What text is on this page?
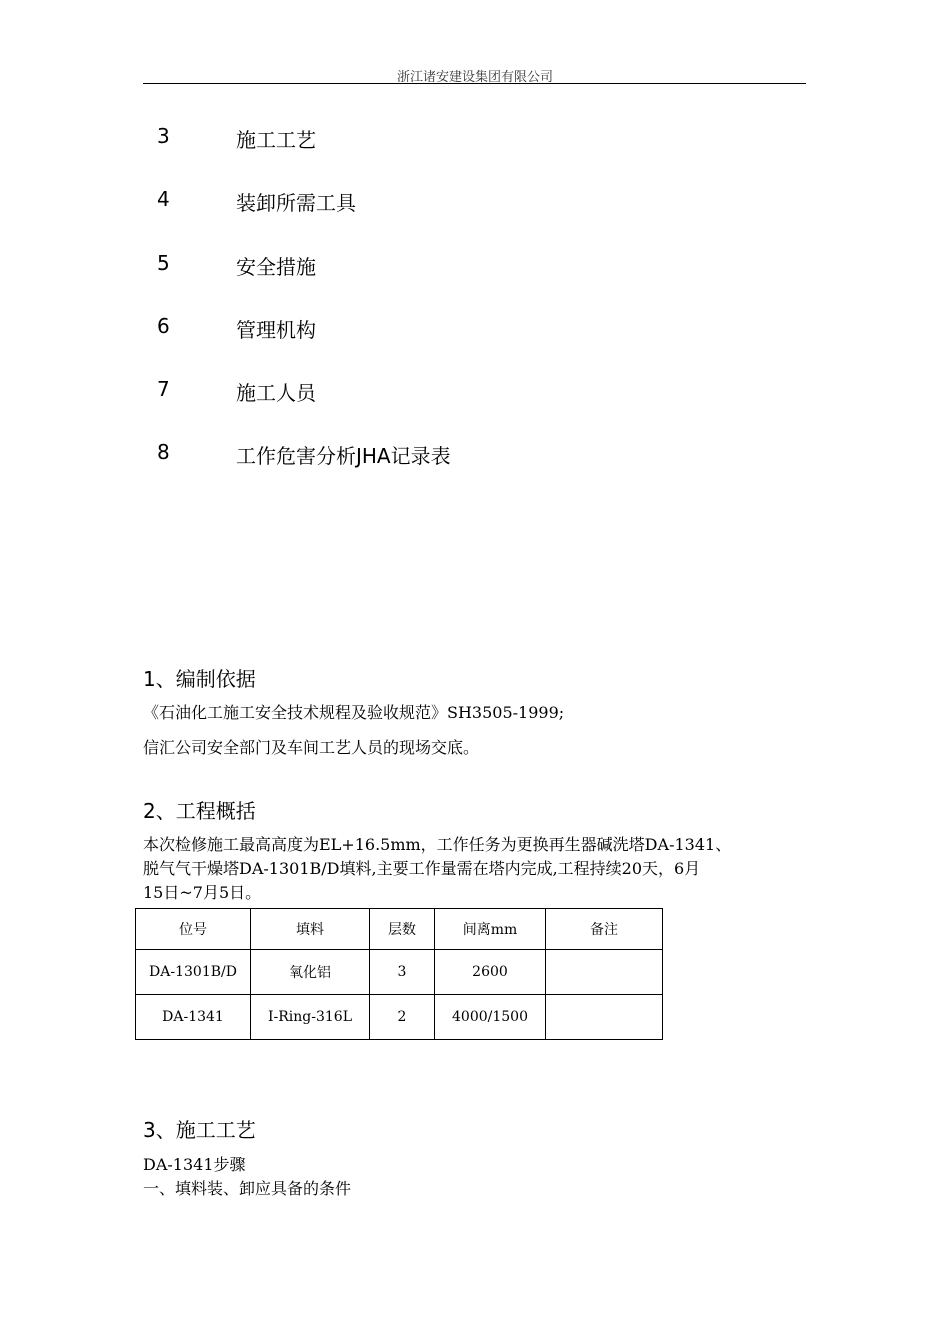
浙江诸安建设集团有限公司
3	施工工艺
4	装卸所需工具
5	安全措施
6	管理机构
7	施工人员
8	工作危害分析JHA记录表
1、编制依据
《石油化工施工安全技术规程及验收规范》SH3505-1999;
信汇公司安全部门及车间工艺人员的现场交底。
2、工程概括
本次检修施工最高高度为EL+16.5mm，工作任务为更换再生器碱洗塔DA-1341、
脱气气干燥塔DA-1301B/D填料,主要工作量需在塔内完成,工程持续20天，6月
15日~7月5日。
位号	填料	层数	间离mm	备注
DA-1301B/D	氧化铝	3	2600	
DA-1341	I-Ring-316L	2	4000/1500	
3、施工工艺
DA-1341步骤
一、填料装、卸应具备的条件
